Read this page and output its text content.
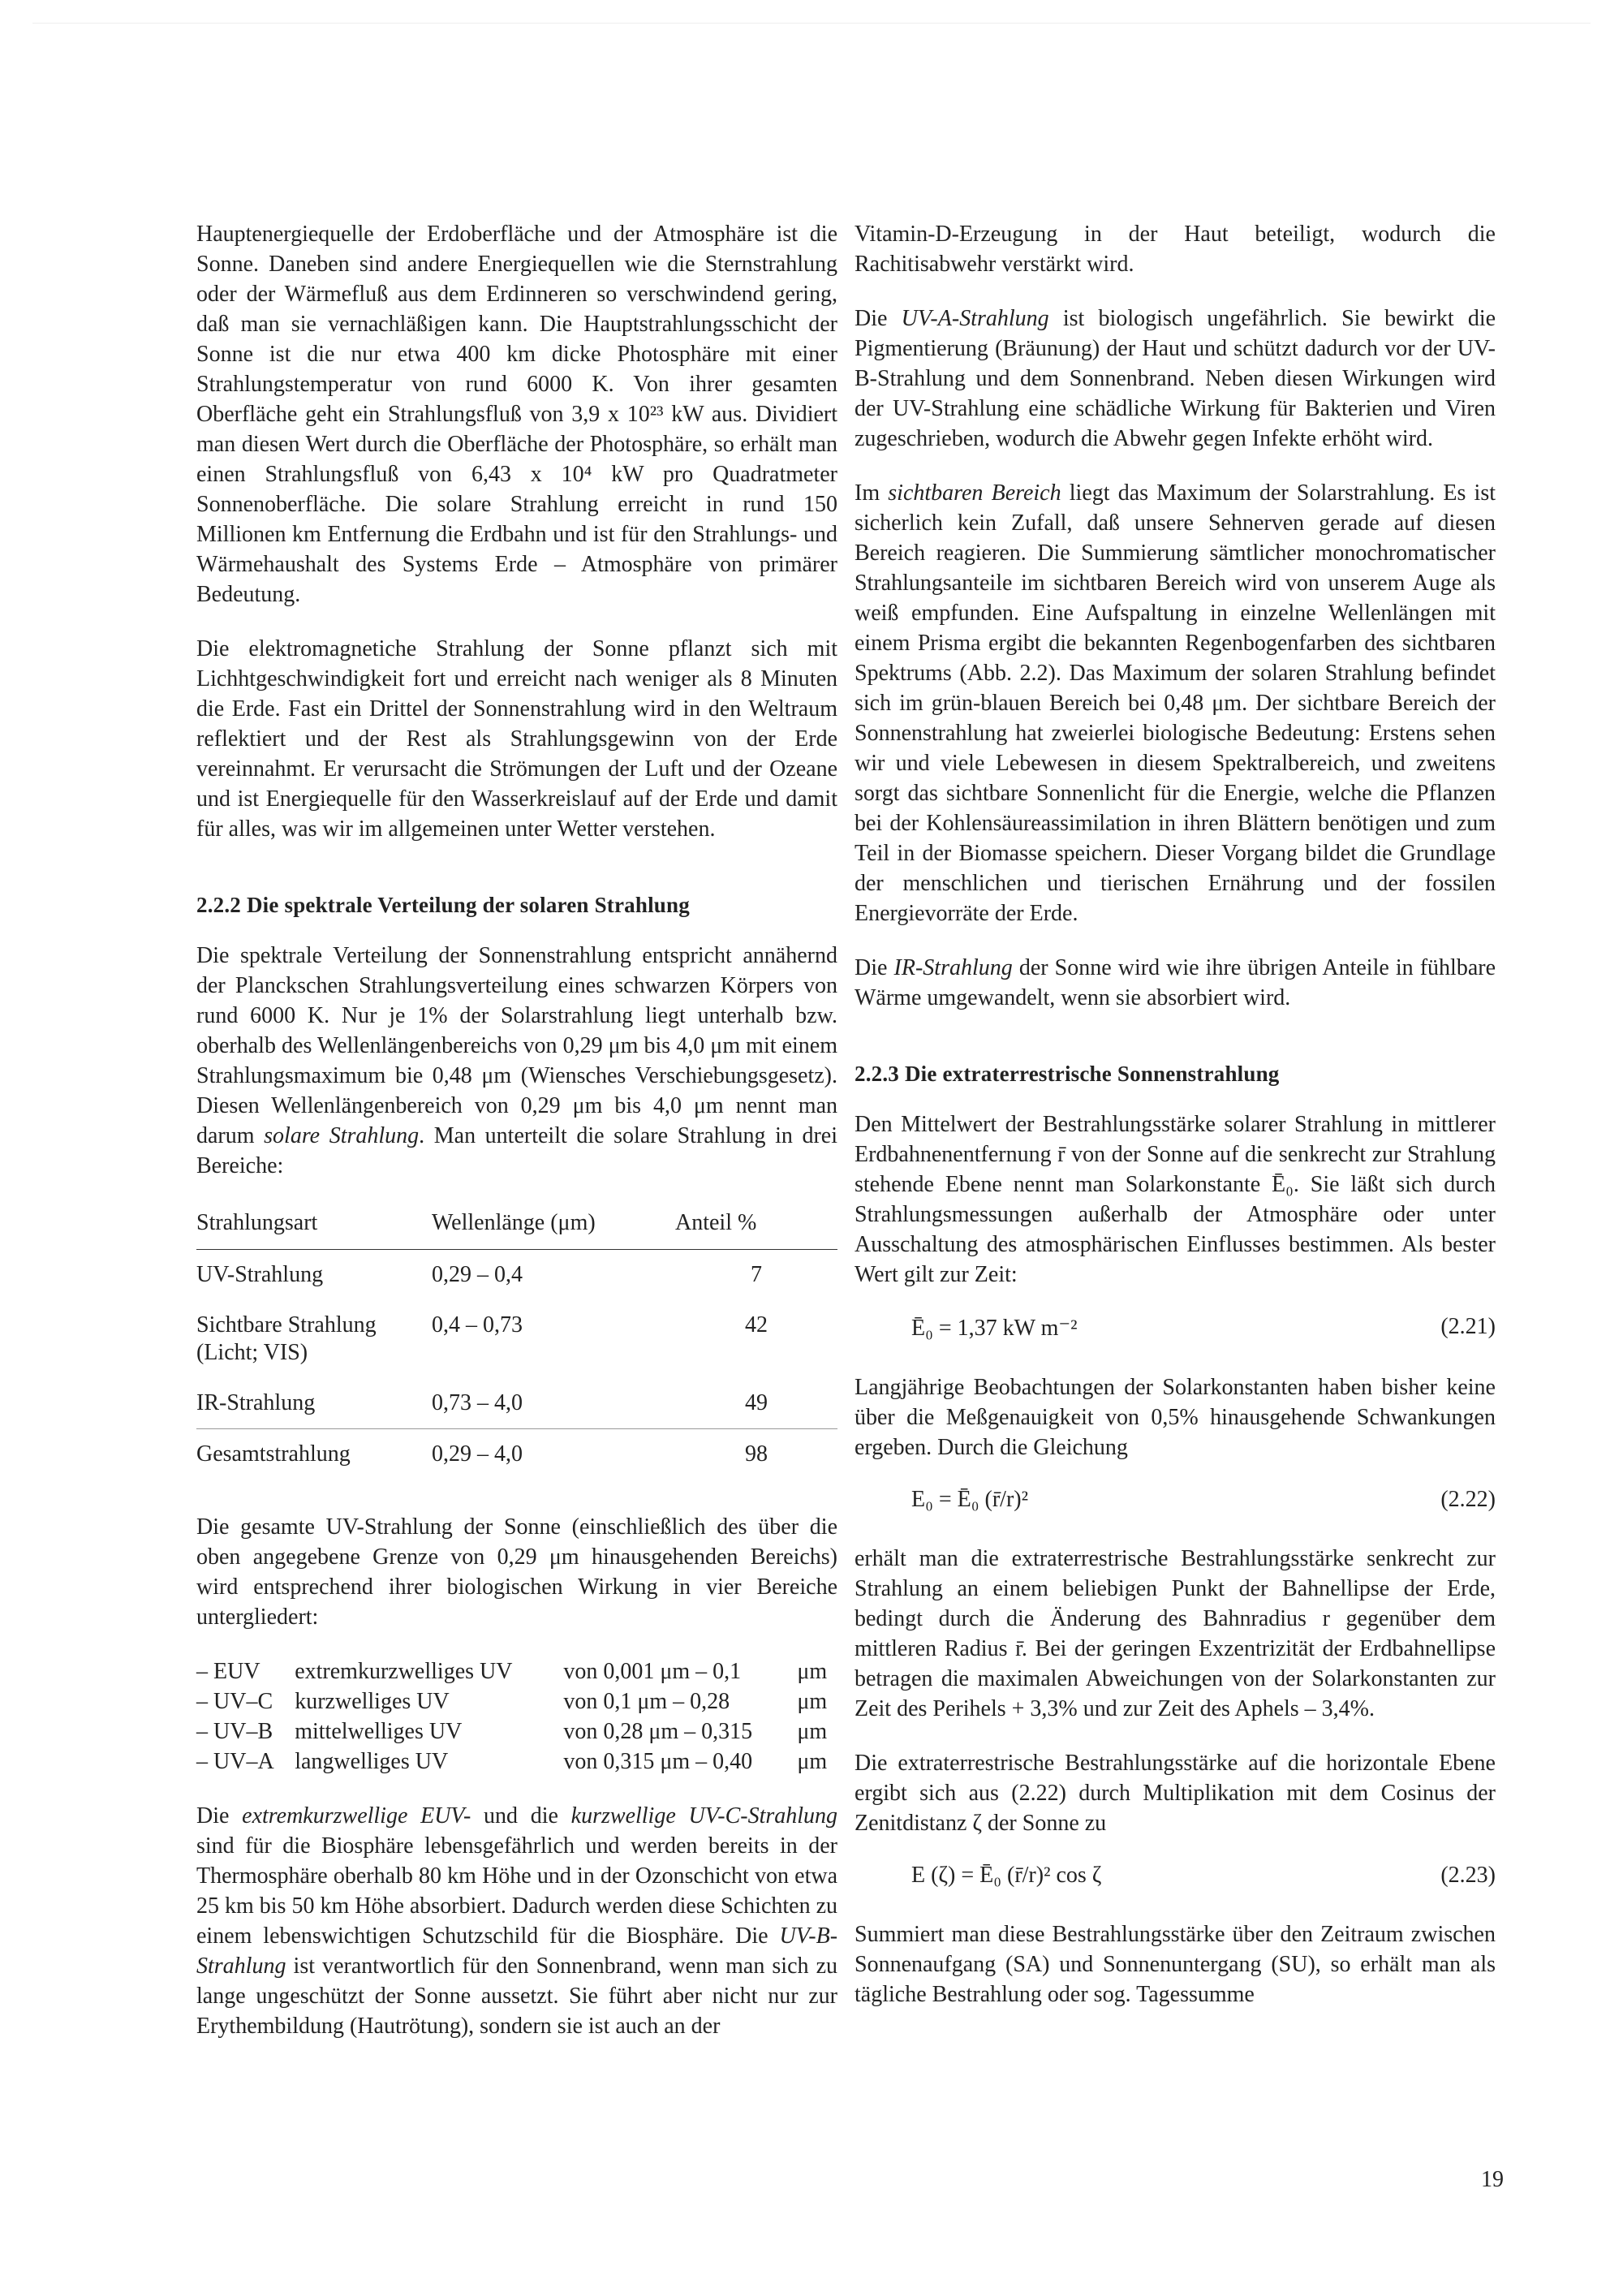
Hauptenergiequelle der Erdoberfläche und der Atmosphäre ist die Sonne. Daneben sind andere Energiequellen wie die Sternstrahlung oder der Wärmefluß aus dem Erdinneren so verschwindend gering, daß man sie vernachläßigen kann. Die Hauptstrahlungsschicht der Sonne ist die nur etwa 400 km dicke Photosphäre mit einer Strahlungstemperatur von rund 6000 K. Von ihrer gesamten Oberfläche geht ein Strahlungsfluß von 3,9 x 10²³ kW aus. Dividiert man diesen Wert durch die Oberfläche der Photosphäre, so erhält man einen Strahlungsfluß von 6,43 x 10⁴ kW pro Quadratmeter Sonnenoberfläche. Die solare Strahlung erreicht in rund 150 Millionen km Entfernung die Erdbahn und ist für den Strahlungs- und Wärmehaushalt des Systems Erde – Atmosphäre von primärer Bedeutung.

Die elektromagnetiche Strahlung der Sonne pflanzt sich mit Lichhtgeschwindigkeit fort und erreicht nach weniger als 8 Minuten die Erde. Fast ein Drittel der Sonnenstrahlung wird in den Weltraum reflektiert und der Rest als Strahlungsgewinn von der Erde vereinnahmt. Er verursacht die Strömungen der Luft und der Ozeane und ist Energiequelle für den Wasserkreislauf auf der Erde und damit für alles, was wir im allgemeinen unter Wetter verstehen.

2.2.2 Die spektrale Verteilung der solaren Strahlung

Die spektrale Verteilung der Sonnenstrahlung entspricht annähernd der Planckschen Strahlungsverteilung eines schwarzen Körpers von rund 6000 K. Nur je 1% der Solarstrahlung liegt unterhalb bzw. oberhalb des Wellenlängenbereichs von 0,29 μm bis 4,0 μm mit einem Strahlungsmaximum bie 0,48 μm (Wiensches Verschiebungsgesetz). Diesen Wellenlängenbereich von 0,29 μm bis 4,0 μm nennt man darum solare Strahlung. Man unterteilt die solare Strahlung in drei Bereiche:

Strahlungsart	Wellenlänge (μm)	Anteil %
UV-Strahlung	0,29 – 0,4	7
Sichtbare Strahlung (Licht; VIS)	0,4 – 0,73	42
IR-Strahlung	0,73 – 4,0	49
Gesamtstrahlung	0,29 – 4,0	98

Die gesamte UV-Strahlung der Sonne (einschließlich des über die oben angegebene Grenze von 0,29 μm hinausgehenden Bereichs) wird entsprechend ihrer biologischen Wirkung in vier Bereiche untergliedert:

– EUV	extremkurzwelliges UV	von 0,001 μm – 0,1	μm
– UV–C	kurzwelliges UV	von 0,1 μm – 0,28	μm
– UV–B	mittelwelliges UV	von 0,28 μm – 0,315	μm
– UV–A	langwelliges UV	von 0,315 μm – 0,40	μm

Die extremkurzwellige EUV- und die kurzwellige UV-C-Strahlung sind für die Biosphäre lebensgefährlich und werden bereits in der Thermosphäre oberhalb 80 km Höhe und in der Ozonschicht von etwa 25 km bis 50 km Höhe absorbiert. Dadurch werden diese Schichten zu einem lebenswichtigen Schutzschild für die Biosphäre. Die UV-B-Strahlung ist verantwortlich für den Sonnenbrand, wenn man sich zu lange ungeschützt der Sonne aussetzt. Sie führt aber nicht nur zur Erythembildung (Hautrötung), sondern sie ist auch an der

Vitamin-D-Erzeugung in der Haut beteiligt, wodurch die Rachitisabwehr verstärkt wird.

Die UV-A-Strahlung ist biologisch ungefährlich. Sie bewirkt die Pigmentierung (Bräunung) der Haut und schützt dadurch vor der UV-B-Strahlung und dem Sonnenbrand. Neben diesen Wirkungen wird der UV-Strahlung eine schädliche Wirkung für Bakterien und Viren zugeschrieben, wodurch die Abwehr gegen Infekte erhöht wird.

Im sichtbaren Bereich liegt das Maximum der Solarstrahlung. Es ist sicherlich kein Zufall, daß unsere Sehnerven gerade auf diesen Bereich reagieren. Die Summierung sämtlicher monochromatischer Strahlungsanteile im sichtbaren Bereich wird von unserem Auge als weiß empfunden. Eine Aufspaltung in einzelne Wellenlängen mit einem Prisma ergibt die bekannten Regenbogenfarben des sichtbaren Spektrums (Abb. 2.2). Das Maximum der solaren Strahlung befindet sich im grün-blauen Bereich bei 0,48 μm. Der sichtbare Bereich der Sonnenstrahlung hat zweierlei biologische Bedeutung: Erstens sehen wir und viele Lebewesen in diesem Spektralbereich, und zweitens sorgt das sichtbare Sonnenlicht für die Energie, welche die Pflanzen bei der Kohlensäureassimilation in ihren Blättern benötigen und zum Teil in der Biomasse speichern. Dieser Vorgang bildet die Grundlage der menschlichen und tierischen Ernährung und der fossilen Energievorräte der Erde.

Die IR-Strahlung der Sonne wird wie ihre übrigen Anteile in fühlbare Wärme umgewandelt, wenn sie absorbiert wird.

2.2.3 Die extraterrestrische Sonnenstrahlung

Den Mittelwert der Bestrahlungsstärke solarer Strahlung in mittlerer Erdbahnenentfernung r̄ von der Sonne auf die senkrecht zur Strahlung stehende Ebene nennt man Solarkonstante Ē₀. Sie läßt sich durch Strahlungsmessungen außerhalb der Atmosphäre oder unter Ausschaltung des atmosphärischen Einflusses bestimmen. Als bester Wert gilt zur Zeit:

Ē₀ = 1,37 kW m⁻²	(2.21)

Langjährige Beobachtungen der Solarkonstanten haben bisher keine über die Meßgenauigkeit von 0,5% hinausgehende Schwankungen ergeben. Durch die Gleichung

E₀ = Ē₀ (r̄/r)²	(2.22)

erhält man die extraterrestrische Bestrahlungsstärke senkrecht zur Strahlung an einem beliebigen Punkt der Bahnellipse der Erde, bedingt durch die Änderung des Bahnradius r gegenüber dem mittleren Radius r̄. Bei der geringen Exzentrizität der Erdbahnellipse betragen die maximalen Abweichungen von der Solarkonstanten zur Zeit des Perihels + 3,3% und zur Zeit des Aphels – 3,4%.

Die extraterrestrische Bestrahlungsstärke auf die horizontale Ebene ergibt sich aus (2.22) durch Multiplikation mit dem Cosinus der Zenitdistanz ζ der Sonne zu

E (ζ) = Ē₀ (r̄/r)² cos ζ	(2.23)

Summiert man diese Bestrahlungsstärke über den Zeitraum zwischen Sonnenaufgang (SA) und Sonnenuntergang (SU), so erhält man als tägliche Bestrahlung oder sog. Tagessumme

19
